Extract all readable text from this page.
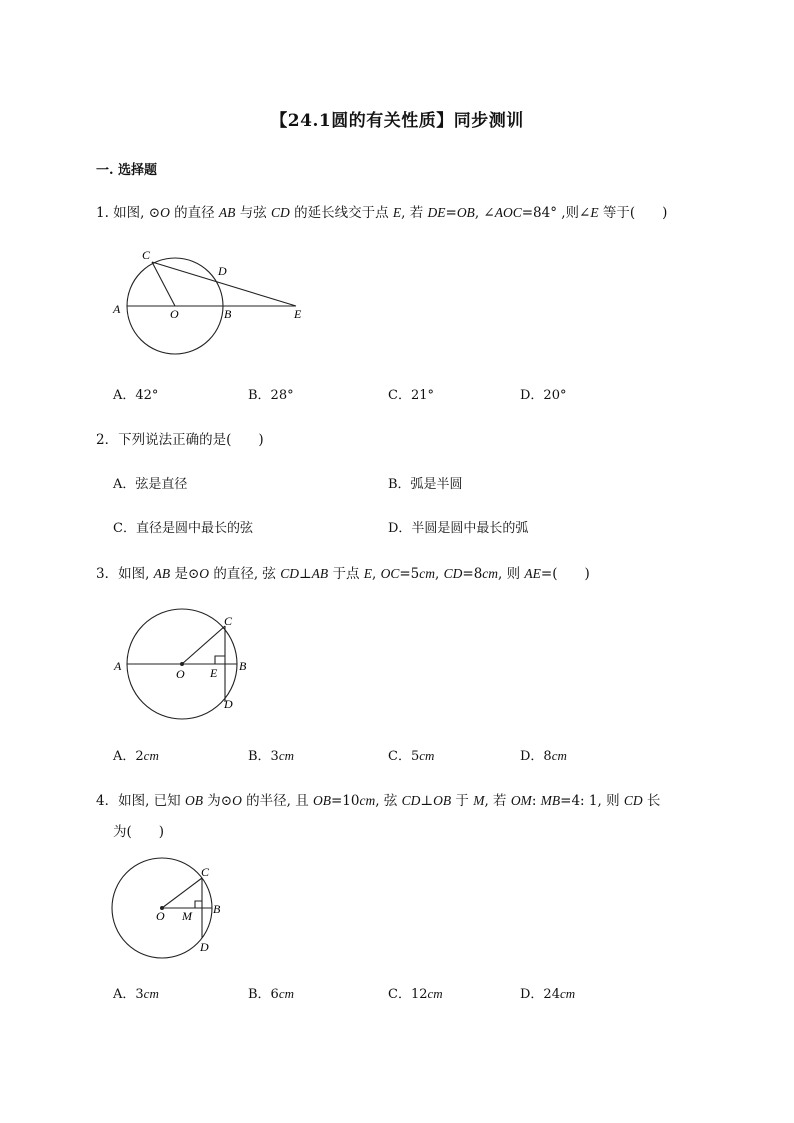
【24.1圆的有关性质】同步测训
一. 选择题
1. 如图, ⊙O 的直径 AB 与弦 CD 的延长线交于点 E, 若 DE=OB, ∠AOC=84° ,则∠E 等于(　　)
C
D
A	O	B	E
A．42°	B．28°	C．21°	D．20°
2．下列说法正确的是(　　)
A．弦是直径	B．弧是半圆
C．直径是圆中最长的弦	D．半圆是圆中最长的弧
3．如图, AB 是⊙O 的直径, 弦 CD⊥AB 于点 E, OC=5cm, CD=8cm, 则 AE=(　　)
C
A
O E B
D
A．2cm	B．3cm	C．5cm	D．8cm
4．如图, 已知 OB 为⊙O 的半径, 且 OB=10cm, 弦 CD⊥OB 于 M, 若 OM: MB=4: 1, 则 CD 长
为(　　)
C
O M B
D
A．3cm	B．6cm	C．12cm	D．24cm
